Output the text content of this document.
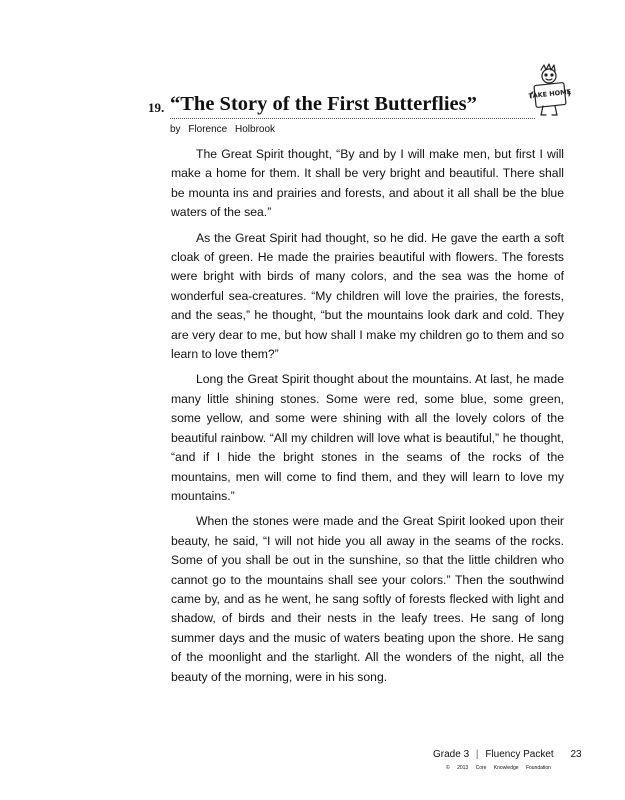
19. “The Story of the First Butterflies”
by Florence Holbrook
TAKE HOME

The Great Spirit thought, “By and by I will make men, but first I will make a home for them. It shall be very bright and beautiful. There shall be mounta ins and prairies and forests, and about it all shall be the blue waters of the sea.”

As the Great Spirit had thought, so he did. He gave the earth a soft cloak of green. He made the prairies beautiful with flowers. The forests were bright with birds of many colors, and the sea was the home of wonderful sea-creatures. “My children will love the prairies, the forests, and the seas,” he thought, “but the mountains look dark and cold. They are very dear to me, but how shall I make my children go to them and so learn to love them?”

Long the Great Spirit thought about the mountains. At last, he made many little shining stones. Some were red, some blue, some green, some yellow, and some were shining with all the lovely colors of the beautiful rainbow. “All my children will love what is beautiful,” he thought, “and if I hide the bright stones in the seams of the rocks of the mountains, men will come to find them, and they will learn to love my mountains.”

When the stones were made and the Great Spirit looked upon their beauty, he said, “I will not hide you all away in the seams of the rocks. Some of you shall be out in the sunshine, so that the little children who cannot go to the mountains shall see your colors.” Then the southwind came by, and as he went, he sang softly of forests flecked with light and shadow, of birds and their nests in the leafy trees. He sang of long summer days and the music of waters beating upon the shore. He sang of the moonlight and the starlight. All the wonders of the night, all the beauty of the morning, were in his song.

Grade 3 | Fluency Packet 23
© 2013 Core Knowledge Foundation
